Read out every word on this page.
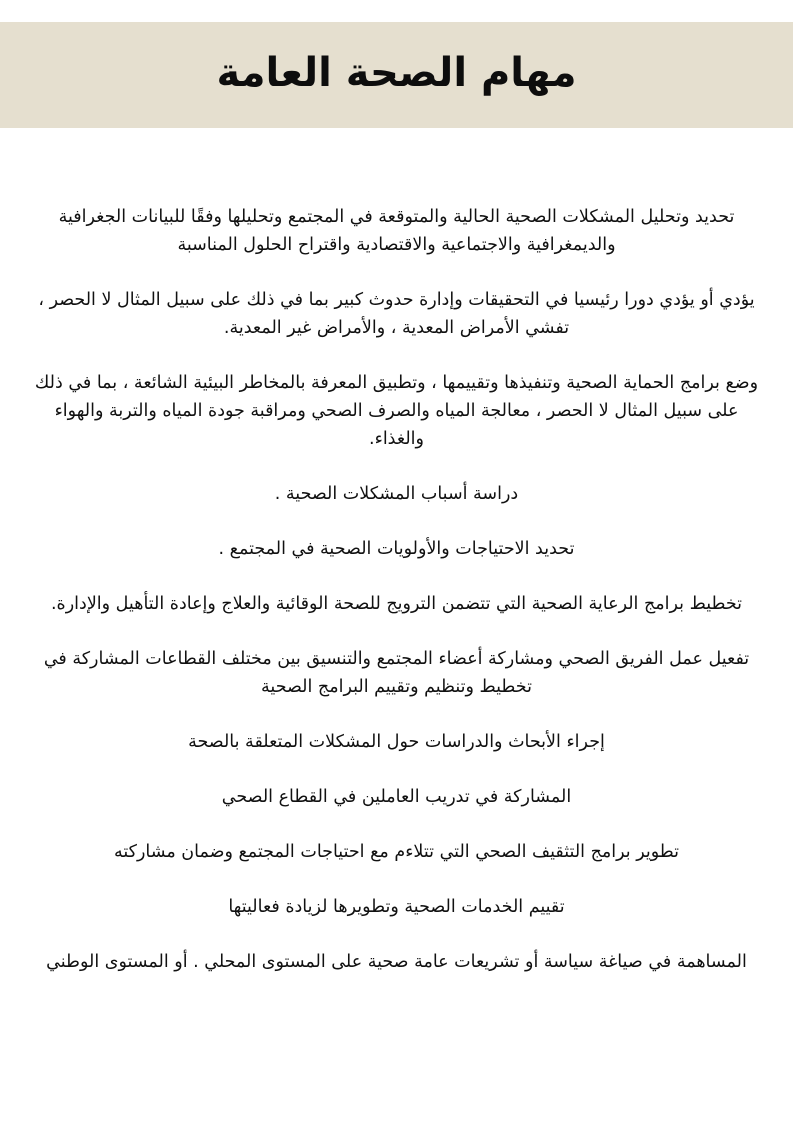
مهام الصحة العامة

تحديد وتحليل المشكلات الصحية الحالية والمتوقعة في المجتمع وتحليلها وفقًا للبيانات الجغرافية والديمغرافية والاجتماعية والاقتصادية واقتراح الحلول المناسبة

يؤدي أو يؤدي دورا رئيسيا في التحقيقات وإدارة حدوث كبير بما في ذلك على سبيل المثال لا الحصر ، تفشي الأمراض المعدية ، والأمراض غير المعدية.

وضع برامج الحماية الصحية وتنفيذها وتقييمها ، وتطبيق المعرفة بالمخاطر البيئية الشائعة ، بما في ذلك على سبيل المثال لا الحصر ، معالجة المياه والصرف الصحي ومراقبة جودة المياه والتربة والهواء والغذاء.

دراسة أسباب المشكلات الصحية .

تحديد الاحتياجات والأولويات الصحية في المجتمع .

تخطيط برامج الرعاية الصحية التي تتضمن الترويج للصحة الوقائية والعلاج وإعادة التأهيل والإدارة.

تفعيل عمل الفريق الصحي ومشاركة أعضاء المجتمع والتنسيق بين مختلف القطاعات المشاركة في تخطيط وتنظيم وتقييم البرامج الصحية

إجراء الأبحاث والدراسات حول المشكلات المتعلقة بالصحة

المشاركة في تدريب العاملين في القطاع الصحي

تطوير برامج التثقيف الصحي التي تتلاءم مع احتياجات المجتمع وضمان مشاركته

تقييم الخدمات الصحية وتطويرها لزيادة فعاليتها

المساهمة في صياغة سياسة أو تشريعات عامة صحية على المستوى المحلي . أو المستوى الوطني
